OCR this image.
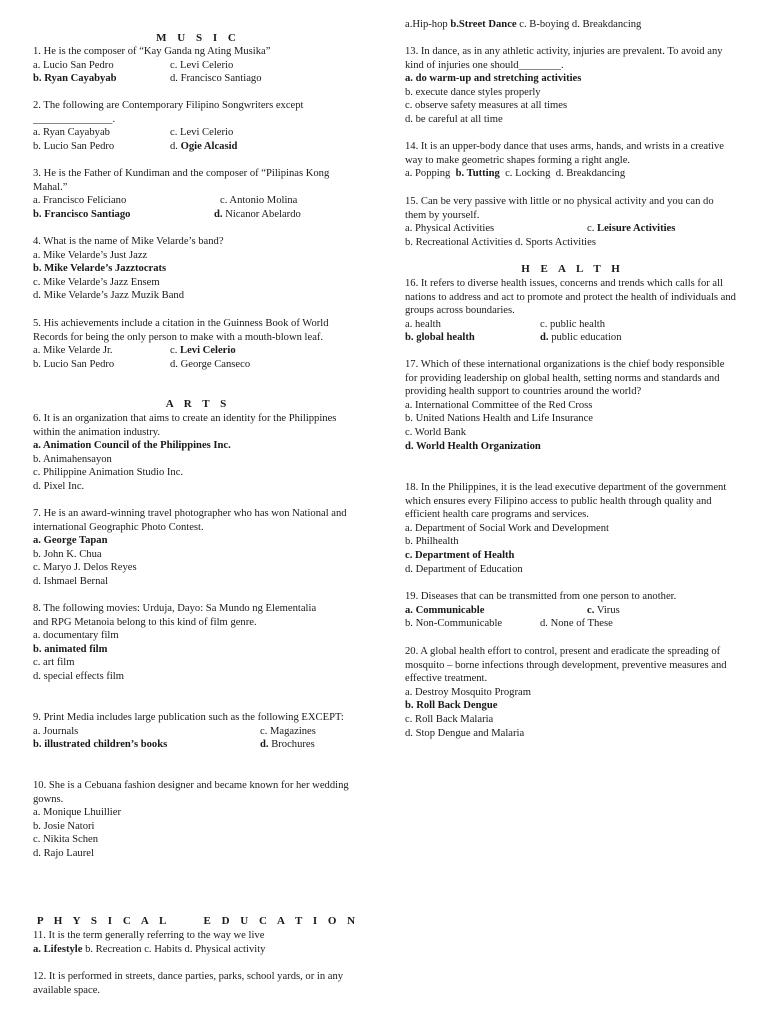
M U S I C

1. He is the composer of “Kay Ganda ng Ating Musika”

a. Lucio San Pedro	c. Levi Celerio
b. Ryan Cayabyab	d. Francisco Santiago

2. The following are Contemporary Filipino Songwriters except

_______________.

a. Ryan Cayabyab	c. Levi Celerio
b. Lucio San Pedro	d. Ogie Alcasid

3. He is the Father of Kundiman and the composer of “Pilipinas Kong Mahal.”

a. Francisco Feliciano	c. Antonio Molina
b. Francisco Santiago	d. Nicanor Abelardo

4. What is the name of Mike Velarde’s band?

a. Mike Velarde’s Just Jazz

b. Mike Velarde’s Jazztocrats

c. Mike Velarde’s Jazz Ensem

d. Mike Velarde’s Jazz Muzik Band

5. His achievements include a citation in the Guinness Book of World Records for being the only person to make with a mouth-blown leaf.

a. Mike Velarde Jr.	c. Levi Celerio
b. Lucio San Pedro	d. George Canseco
A R T S

6. It is an organization that aims to create an identity for the Philippines within the animation industry.

a. Animation Council of the Philippines Inc.

b. Animahensayon

c. Philippine Animation Studio Inc.

d. Pixel Inc.

7. He is an award-winning travel photographer who has won National and international Geographic Photo Contest.

a. George Tapan

b. John K. Chua

c. Maryo J. Delos Reyes

d. Ishmael Bernal

8. The following movies: Urduja, Dayo: Sa Mundo ng Elementalia and RPG Metanoia belong to this kind of film genre.

a. documentary film

b. animated film

c. art film

d. special effects film

9. Print Media includes large publication such as the following EXCEPT:

a. Journals	c. Magazines
b. illustrated children’s books	d. Brochures

10. She is a Cebuana fashion designer and became known for her wedding gowns.

a. Monique Lhuillier

b. Josie Natori

c. Nikita Schen

d. Rajo Laurel

P H Y S I C A L     E D U C A T I O N

11. It is the term generally referring to the way we live

a. Lifestyle b. Recreation c. Habits d. Physical activity

12. It is performed in streets, dance parties, parks, school yards, or in any available space.

a.Hip-hop b.Street Dance c. B-boying d. Breakdancing

13. In dance, as in any athletic activity, injuries are prevalent. To avoid any kind of injuries one should________.

a. do warm-up and stretching activities

b. execute dance styles properly

c. observe safety measures at all times

d. be careful at all time

14. It is an upper-body dance that uses arms, hands, and wrists in a creative way to make geometric shapes forming a right angle.

a. Popping  b. Tutting  c. Locking  d. Breakdancing

15. Can be very passive with little or no physical activity and you can do them by yourself.

a. Physical Activities	c. Leisure Activities

b. Recreational Activities d. Sports Activities

H E A L T H

16. It refers to diverse health issues, concerns and trends which calls for all nations to address and act to promote and protect the health of individuals and groups across boundaries.

a. health	c. public health
b. global health	d. public education

17. Which of these international organizations is the chief body responsible for providing leadership on global health, setting norms and standards and providing health support to countries around the world?

a. International Committee of the Red Cross

b. United Nations Health and Life Insurance

c. World Bank

d. World Health Organization

18. In the Philippines, it is the lead executive department of the government which ensures every Filipino access to public health through quality and efficient health care programs and services.

a. Department of Social Work and Development

b. Philhealth

c. Department of Health

d. Department of Education

19. Diseases that can be transmitted from one person to another.

a. Communicable	c. Virus
b. Non-Communicable	d. None of These

20. A global health effort to control, present and eradicate the spreading of mosquito – borne infections through development, preventive measures and effective treatment.

a. Destroy Mosquito Program

b. Roll Back Dengue

c. Roll Back Malaria

d. Stop Dengue and Malaria
